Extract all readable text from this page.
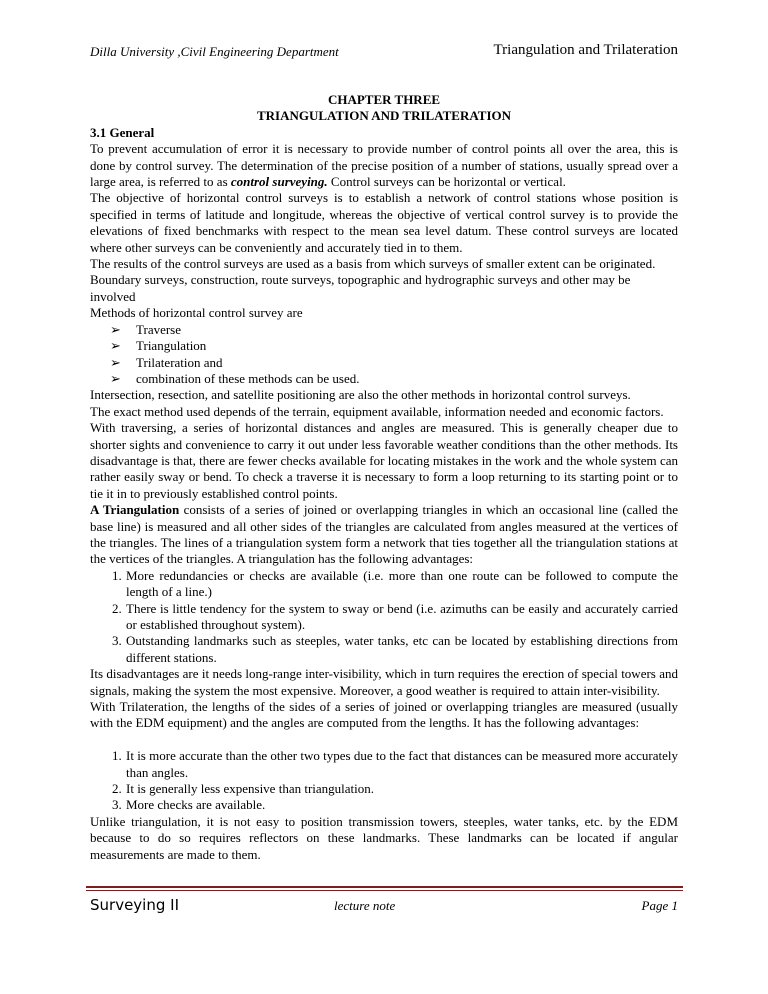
Dilla University ,Civil Engineering Department	Triangulation and Trilateration

CHAPTER THREE

TRIANGULATION AND TRILATERATION

3.1 General

To prevent accumulation of error it is necessary to provide number of control points all over the area, this is done by control survey. The determination of the precise position of a number of stations, usually spread over a large area, is referred to as control surveying. Control surveys can be horizontal or vertical.

The objective of horizontal control surveys is to establish a network of control stations whose position is specified in terms of latitude and longitude, whereas the objective of vertical control survey is to provide the elevations of fixed benchmarks with respect to the mean sea level datum. These control surveys are located where other surveys can be conveniently and accurately tied in to them.

The results of the control surveys are used as a basis from which surveys of smaller extent can be originated. Boundary surveys, construction, route surveys, topographic and hydrographic surveys and other may be involved

Methods of horizontal control survey are

➢ Traverse
➢ Triangulation
➢ Trilateration and
➢ combination of these methods can be used.

Intersection, resection, and satellite positioning are also the other methods in horizontal control surveys.

The exact method used depends of the terrain, equipment available, information needed and economic factors.

With traversing, a series of horizontal distances and angles are measured. This is generally cheaper due to shorter sights and convenience to carry it out under less favorable weather conditions than the other methods. Its disadvantage is that, there are fewer checks available for locating mistakes in the work and the whole system can rather easily sway or bend. To check a traverse it is necessary to form a loop returning to its starting point or to tie it in to previously established control points.

A Triangulation consists of a series of joined or overlapping triangles in which an occasional line (called the base line) is measured and all other sides of the triangles are calculated from angles measured at the vertices of the triangles. The lines of a triangulation system form a network that ties together all the triangulation stations at the vertices of the triangles. A triangulation has the following advantages:

1. More redundancies or checks are available (i.e. more than one route can be followed to compute the length of a line.)
2. There is little tendency for the system to sway or bend (i.e. azimuths can be easily and accurately carried or established throughout system).
3. Outstanding landmarks such as steeples, water tanks, etc can be located by establishing directions from different stations.

Its disadvantages are it needs long-range inter-visibility, which in turn requires the erection of special towers and signals, making the system the most expensive. Moreover, a good weather is required to attain inter-visibility.

With Trilateration, the lengths of the sides of a series of joined or overlapping triangles are measured (usually with the EDM equipment) and the angles are computed from the lengths. It has the following advantages:

1. It is more accurate than the other two types due to the fact that distances can be measured more accurately than angles.
2. It is generally less expensive than triangulation.
3. More checks are available.

Unlike triangulation, it is not easy to position transmission towers, steeples, water tanks, etc. by the EDM because to do so requires reflectors on these landmarks. These landmarks can be located if angular measurements are made to them.

Surveying II	lecture note	Page 1
